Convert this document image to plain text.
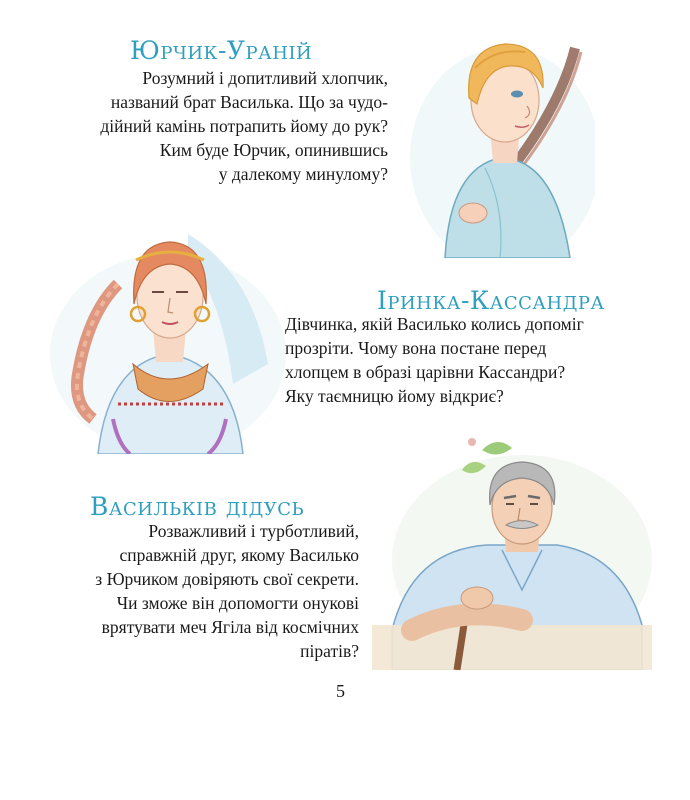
Юрчик-Ураній

Розумний і допитливий хлопчик,
названий брат Василька. Що за чудо-
дійний камінь потрапить йому до рук?
Ким буде Юрчик, опинившись
у далекому минулому?

Іринка-Кассандра

Дівчинка, якій Василько колись допоміг
прозріти. Чому вона постане перед
хлопцем в образі царівни Кассандри?
Яку таємницю йому відкриє?

Васильків дідусь

Розважливий і турботливий,
справжній друг, якому Василько
з Юрчиком довіряють свої секрети.
Чи зможе він допомогти онукові
врятувати меч Ягіла від космічних
піратів?

5
